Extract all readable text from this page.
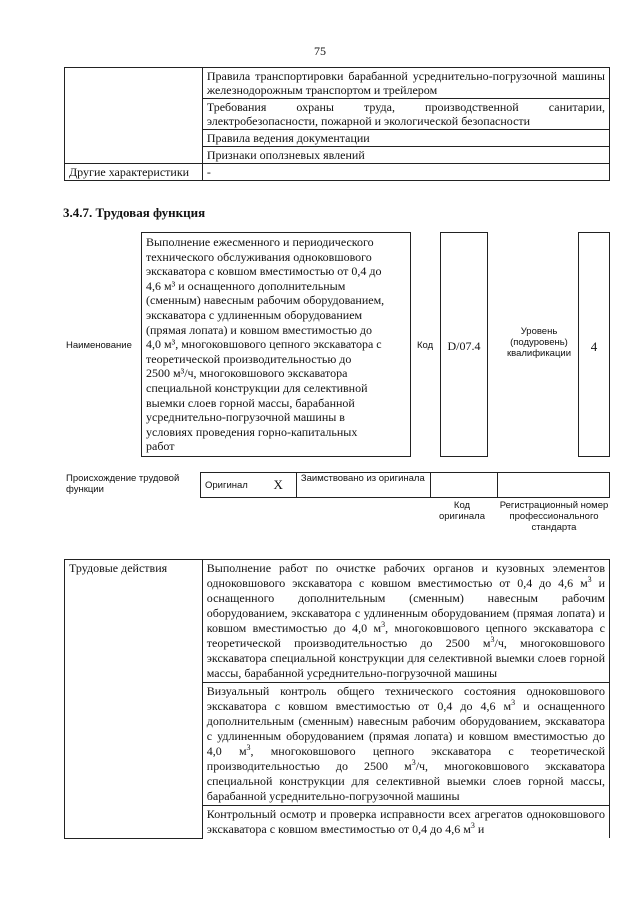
75
	Правила транспортировки барабанной усреднительно-погрузочной машины железнодорожным транспортом и трейлером
	Требования охраны труда, производственной санитарии, электробезопасности, пожарной и экологической безопасности
	Правила ведения документации
	Признаки оползневых явлений
Другие характеристики	-
3.4.7. Трудовая функция
Наименование
Выполнение ежесменного и периодического
технического обслуживания одноковшового
экскаватора с ковшом вместимостью от 0,4 до
4,6 м³ и оснащенного дополнительным
(сменным) навесным рабочим оборудованием,
экскаватора с удлиненным оборудованием
(прямая лопата) и ковшом вместимостью до
4,0 м³, многоковшового цепного экскаватора с
теоретической производительностью до
2500 м³/ч, многоковшового экскаватора
специальной конструкции для селективной
выемки слоев горной массы, барабанной
усреднительно-погрузочной машины в
условиях проведения горно-капитальных
работ
Код	D/07.4
Уровень (подуровень) квалификации	4
Происхождение трудовой функции	Оригинал	X	Заимствовано из оригинала		
Код оригинала
Регистрационный номер профессионального стандарта
Трудовые действия	Выполнение работ по очистке рабочих органов и кузовных элементов одноковшового экскаватора с ковшом вместимостью от 0,4 до 4,6 $м^3$ и оснащенного дополнительным (сменным) навесным рабочим оборудованием, экскаватора с удлиненным оборудованием (прямая лопата) и ковшом вместимостью до 4,0 $м^3$, многоковшового цепного экскаватора с теоретической производительностью до 2500 $м^3/ч$, многоковшового экскаватора специальной конструкции для селективной выемки слоев горной массы, барабанной усреднительно-погрузочной машины
Визуальный контроль общего технического состояния одноковшового экскаватора с ковшом вместимостью от 0,4 до 4,6 $м^3$ и оснащенного дополнительным (сменным) навесным рабочим оборудованием, экскаватора с удлиненным оборудованием (прямая лопата) и ковшом вместимостью до 4,0 $м^3$, многоковшового цепного экскаватора с теоретической производительностью до 2500 $м^3/ч$, многоковшового экскаватора специальной конструкции для селективной выемки слоев горной массы, барабанной усреднительно-погрузочной машины
Контрольный осмотр и проверка исправности всех агрегатов одноковшового экскаватора с ковшом вместимостью от 0,4 до 4,6 $м^3$ и
